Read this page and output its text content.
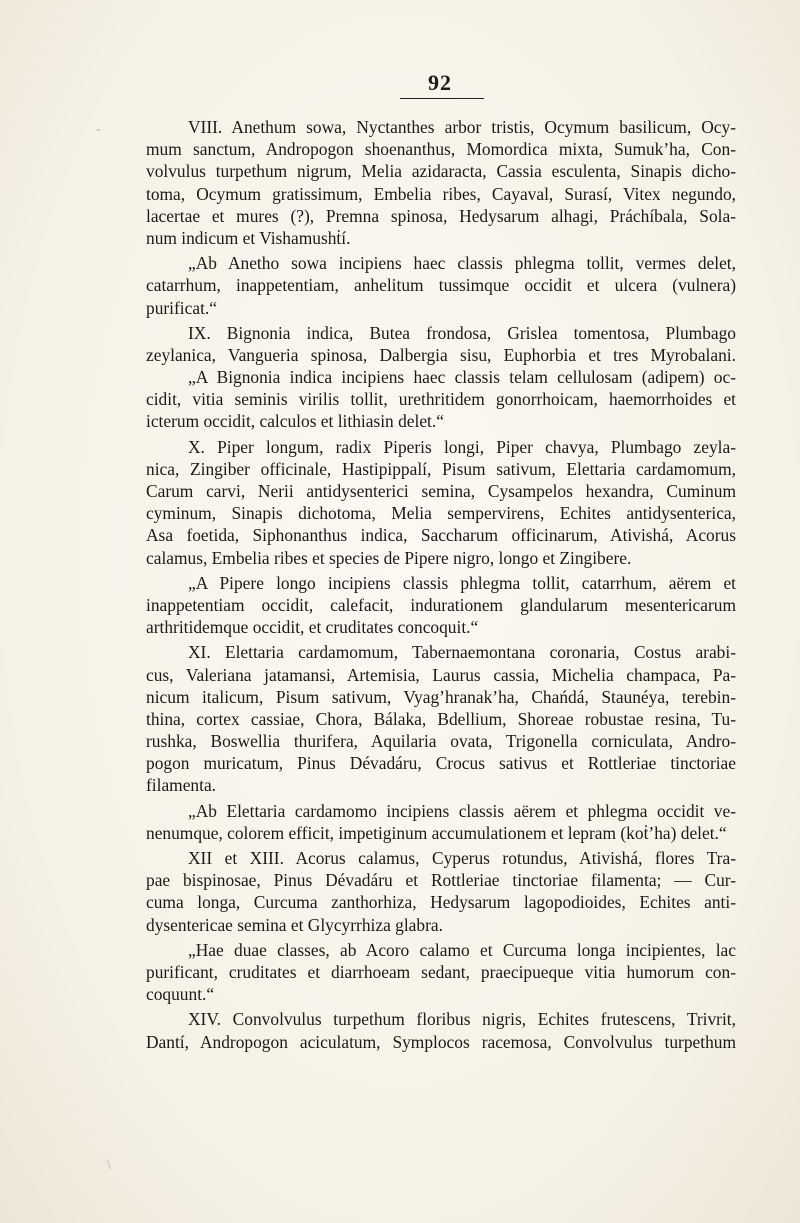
-
\
92
VIII. Anethum sowa, Nyctanthes arbor tristis, Ocymum basilicum, Ocy-
mum sanctum, Andropogon shoenanthus, Momordica mixta, Sumuk’ha, Con-
volvulus turpethum nigrum, Melia azidaracta, Cassia esculenta, Sinapis dicho-
toma, Ocymum gratissimum, Embelia ribes, Cayaval, Surasí, Vitex negundo,
lacertae et mures (?), Premna spinosa, Hedysarum alhagi, Práchíbala, Sola-
num indicum et Vishamushṫí.
„Ab Anetho sowa incipiens haec classis phlegma tollit, vermes delet,
catarrhum, inappetentiam, anhelitum tussimque occidit et ulcera (vulnera)
purificat.“
IX. Bignonia indica, Butea frondosa, Grislea tomentosa, Plumbago
zeylanica, Vangueria spinosa, Dalbergia sisu, Euphorbia et tres Myrobalani.
„A Bignonia indica incipiens haec classis telam cellulosam (adipem) oc-
cidit, vitia seminis virilis tollit, urethritidem gonorrhoicam, haemorrhoides et
icterum occidit, calculos et lithiasin delet.“
X. Piper longum, radix Piperis longi, Piper chavya, Plumbago zeyla-
nica, Zingiber officinale, Hastipippalí, Pisum sativum, Elettaria cardamomum,
Carum carvi, Nerii antidysenterici semina, Cysampelos hexandra, Cuminum
cyminum, Sinapis dichotoma, Melia sempervirens, Echites antidysenterica,
Asa foetida, Siphonanthus indica, Saccharum officinarum, Ativishá, Acorus
calamus, Embelia ribes et species de Pipere nigro, longo et Zingibere.
„A Pipere longo incipiens classis phlegma tollit, catarrhum, aërem et
inappetentiam occidit, calefacit, indurationem glandularum mesentericarum
arthritidemque occidit, et cruditates concoquit.“
XI. Elettaria cardamomum, Tabernaemontana coronaria, Costus arabi-
cus, Valeriana jatamansi, Artemisia, Laurus cassia, Michelia champaca, Pa-
nicum italicum, Pisum sativum, Vyag’hranak’ha, Chańdá, Staunéya, terebin-
thina, cortex cassiae, Chora, Bálaka, Bdellium, Shoreae robustae resina, Tu-
rushka, Boswellia thurifera, Aquilaria ovata, Trigonella corniculata, Andro-
pogon muricatum, Pinus Dévadáru, Crocus sativus et Rottleriae tinctoriae
filamenta.
„Ab Elettaria cardamomo incipiens classis aërem et phlegma occidit ve-
nenumque, colorem efficit, impetiginum accumulationem et lepram (koṫ’ha) delet.“
XII et XIII. Acorus calamus, Cyperus rotundus, Ativishá, flores Tra-
pae bispinosae, Pinus Dévadáru et Rottleriae tinctoriae filamenta; — Cur-
cuma longa, Curcuma zanthorhiza, Hedysarum lagopodioides, Echites anti-
dysentericae semina et Glycyrrhiza glabra.
„Hae duae classes, ab Acoro calamo et Curcuma longa incipientes, lac
purificant, cruditates et diarrhoeam sedant, praecipueque vitia humorum con-
coquunt.“
XIV. Convolvulus turpethum floribus nigris, Echites frutescens, Trivrit,
Dantí, Andropogon aciculatum, Symplocos racemosa, Convolvulus turpethum
